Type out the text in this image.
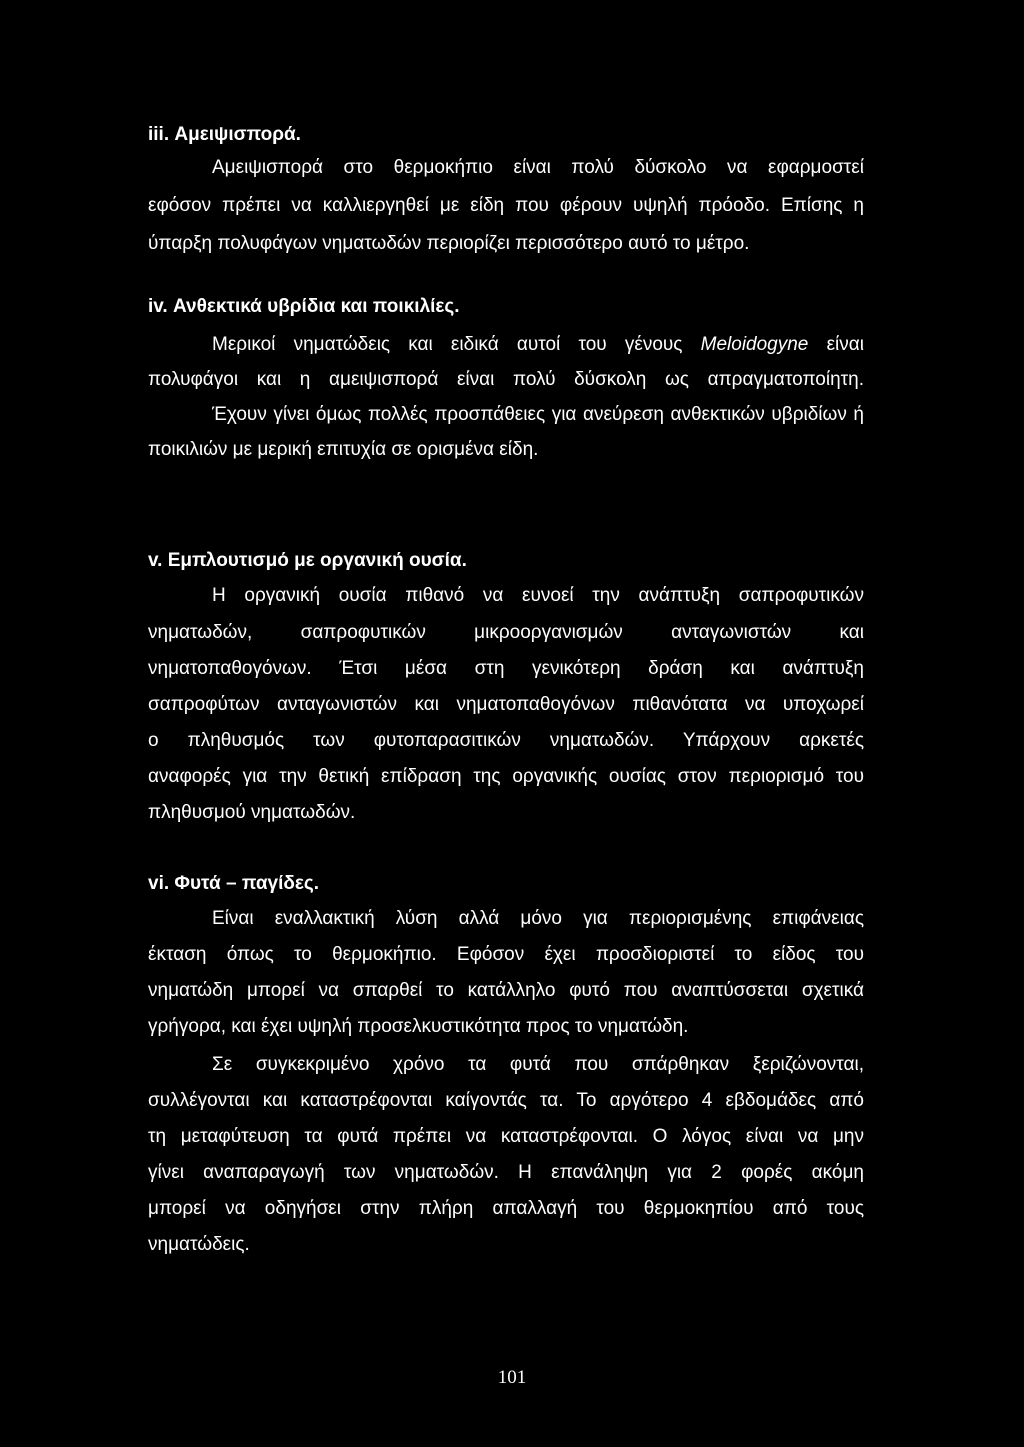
iii. Αμειψισπορά.
Αμειψισπορά στο θερμοκήπιο είναι πολύ δύσκολο να εφαρμοστεί
εφόσον πρέπει να καλλιεργηθεί με είδη που φέρουν υψηλή πρόοδο. Επίσης η
ύπαρξη πολυφάγων νηματωδών περιορίζει περισσότερο αυτό το μέτρο.
iv. Ανθεκτικά υβρίδια και ποικιλίες.
Μερικοί νηματώδεις και ειδικά αυτοί του γένους Meloidogyne είναι
πολυφάγοι και η αμειψισπορά είναι πολύ δύσκολη ως απραγματοποίητη.
Έχουν γίνει όμως πολλές προσπάθειες για ανεύρεση ανθεκτικών υβριδίων ή
ποικιλιών με μερική επιτυχία σε ορισμένα είδη.
v. Εμπλουτισμό με οργανική ουσία.
Η οργανική ουσία πιθανό να ευνοεί την ανάπτυξη σαπροφυτικών
νηματωδών, σαπροφυτικών μικροοργανισμών ανταγωνιστών και
νηματοπαθογόνων. Έτσι μέσα στη γενικότερη δράση και ανάπτυξη
σαπροφύτων ανταγωνιστών και νηματοπαθογόνων πιθανότατα να υποχωρεί
ο πληθυσμός των φυτοπαρασιτικών νηματωδών. Υπάρχουν αρκετές
αναφορές για την θετική επίδραση της οργανικής ουσίας στον περιορισμό του
πληθυσμού νηματωδών.
vi. Φυτά – παγίδες.
Είναι εναλλακτική λύση αλλά μόνο για περιορισμένης επιφάνειας
έκταση όπως το θερμοκήπιο. Εφόσον έχει προσδιοριστεί το είδος του
νηματώδη μπορεί να σπαρθεί το κατάλληλο φυτό που αναπτύσσεται σχετικά
γρήγορα, και έχει υψηλή προσελκυστικότητα προς το νηματώδη.
Σε συγκεκριμένο χρόνο τα φυτά που σπάρθηκαν ξεριζώνονται,
συλλέγονται και καταστρέφονται καίγοντάς τα. Το αργότερο 4 εβδομάδες από
τη μεταφύτευση τα φυτά πρέπει να καταστρέφονται. Ο λόγος είναι να μην
γίνει αναπαραγωγή των νηματωδών. Η επανάληψη για 2 φορές ακόμη
μπορεί να οδηγήσει στην πλήρη απαλλαγή του θερμοκηπίου από τους
νηματώδεις.
101
